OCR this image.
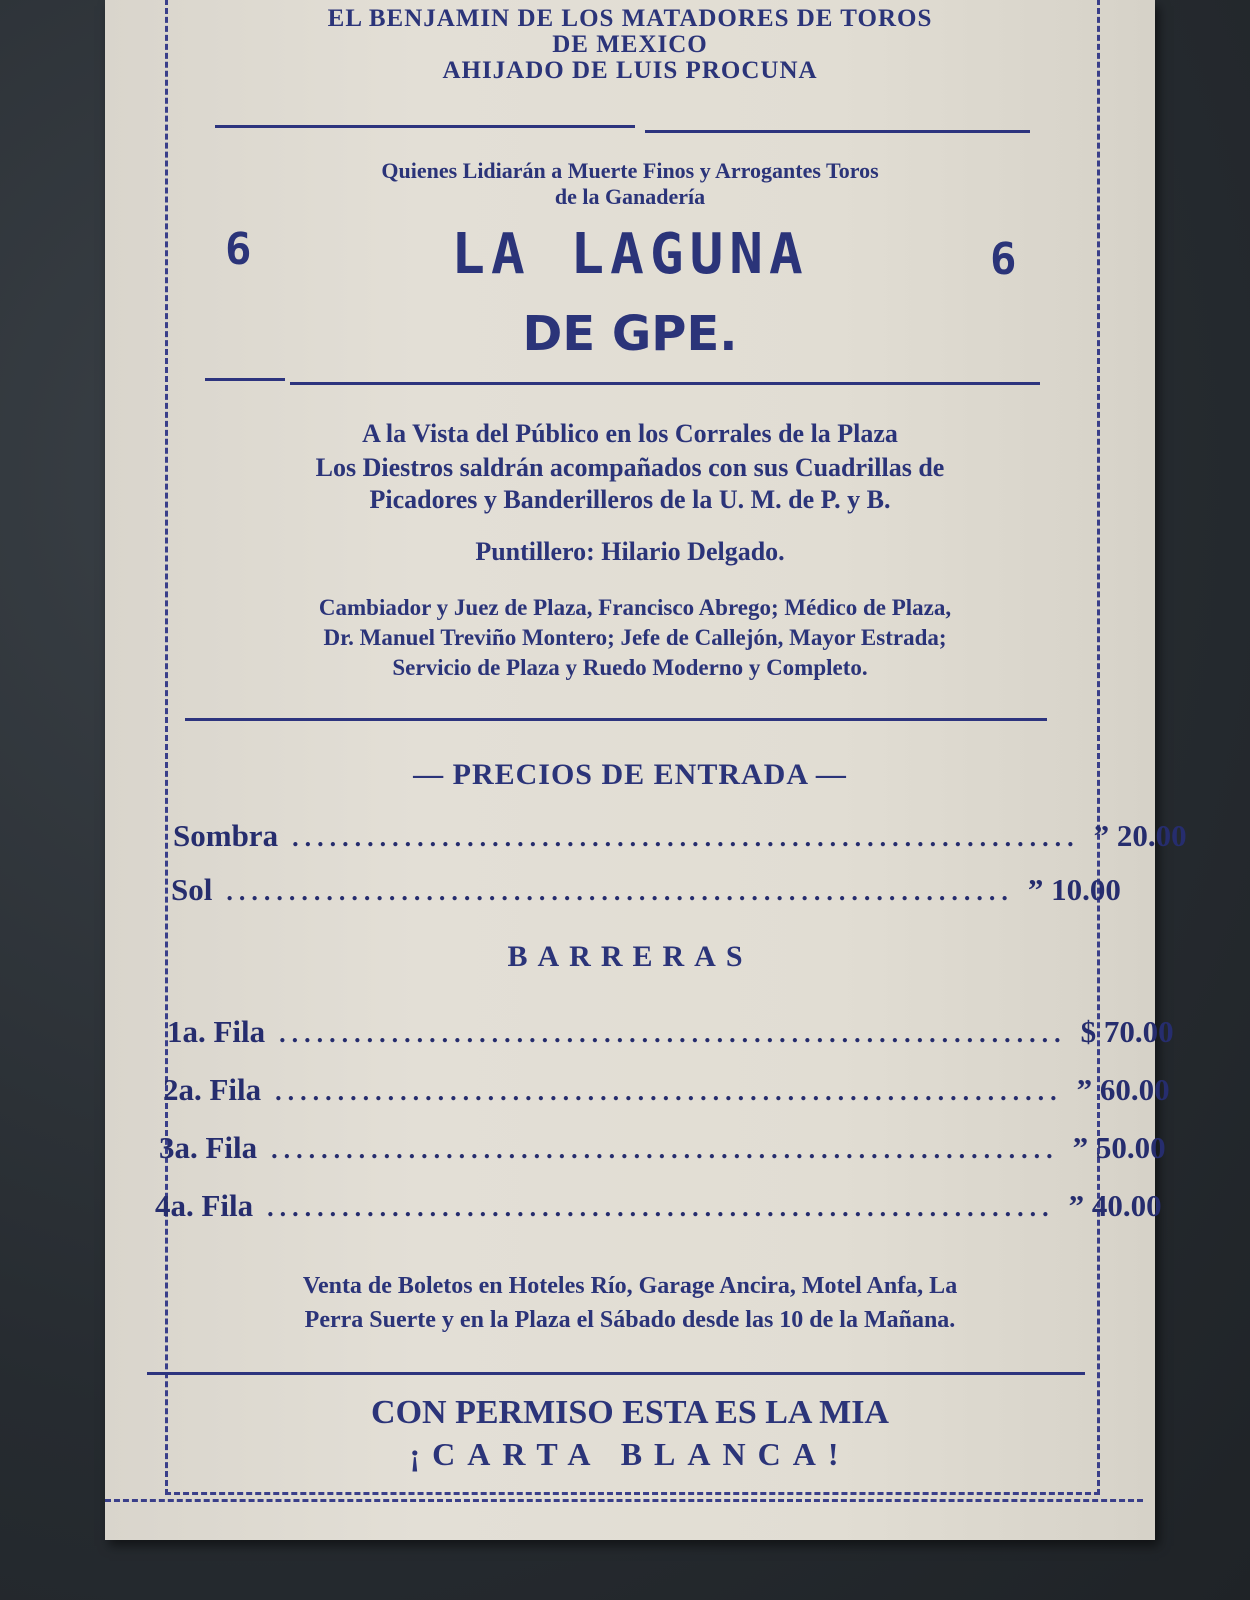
EL BENJAMIN DE LOS MATADORES DE TOROS
DE MEXICO
AHIJADO DE LUIS PROCUNA
Quienes Lidiarán a Muerte Finos y Arrogantes Toros
de la Ganadería
6	LA LAGUNA	6
DE GPE.
A la Vista del Público en los Corrales de la Plaza
Los Diestros saldrán acompañados con sus Cuadrillas de
Picadores y Banderilleros de la U. M. de P. y B.
Puntillero: Hilario Delgado.
Cambiador y Juez de Plaza, Francisco Abrego; Médico de Plaza,
Dr. Manuel Treviño Montero; Jefe de Callejón, Mayor Estrada;
Servicio de Plaza y Ruedo Moderno y Completo.
— PRECIOS DE ENTRADA —
Sombra ............................................................... ” 20.00
Sol ............................................................... ” 10.00
BARRERAS
1a. Fila ............................................................... $ 70.00
2a. Fila ............................................................... ” 60.00
3a. Fila ............................................................... ” 50.00
4a. Fila ............................................................... ” 40.00
Venta de Boletos en Hoteles Río, Garage Ancira, Motel Anfa, La
Perra Suerte y en la Plaza el Sábado desde las 10 de la Mañana.
CON PERMISO ESTA ES LA MIA
¡CARTA BLANCA!
